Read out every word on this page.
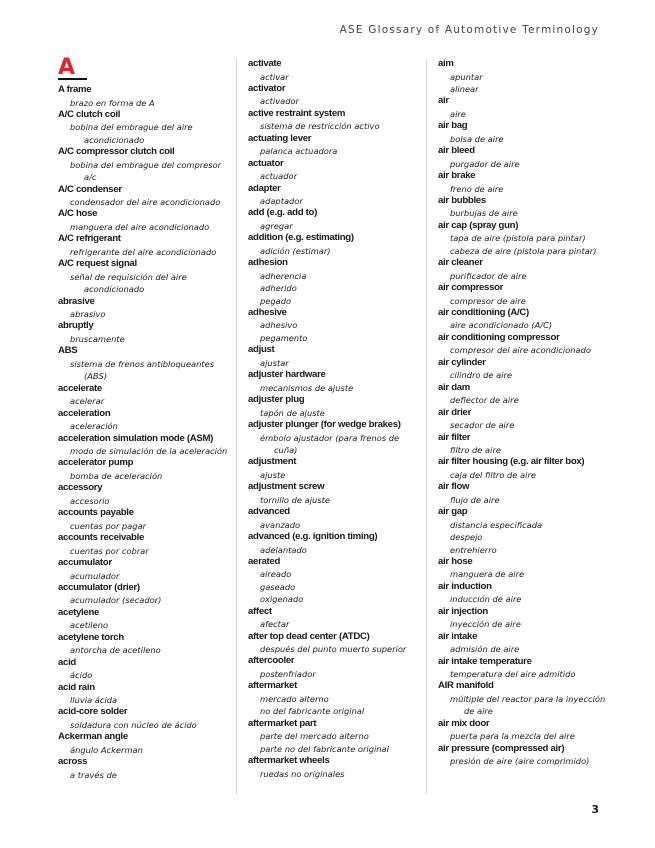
ASE Glossary of Automotive Terminology
A
A frame
brazo en forma de A
A/C clutch coil
bobina del embrague del aire
acondicionado
A/C compressor clutch coil
bobina del embrague del compresor
a/c
A/C condenser
condensador del aire acondicionado
A/C hose
manguera del aire acondicionado
A/C refrigerant
refrigerante del aire acondicionado
A/C request signal
señal de requisición del aire
acondicionado
abrasive
abrasivo
abruptly
bruscamente
ABS
sistema de frenos antibloqueantes
(ABS)
accelerate
acelerar
acceleration
aceleración
acceleration simulation mode (ASM)
modo de simulación de la aceleración
accelerator pump
bomba de aceleración
accessory
accesorio
accounts payable
cuentas por pagar
accounts receivable
cuentas por cobrar
accumulator
acumulador
accumulator (drier)
acumulador (secador)
acetylene
acetileno
acetylene torch
antorcha de acetileno
acid
ácido
acid rain
lluvia ácida
acid-core solder
soldadura con núcleo de ácido
Ackerman angle
ángulo Ackerman
across
a través de
activate
activar
activator
activador
active restraint system
sistema de restricción activo
actuating lever
palanca actuadora
actuator
actuador
adapter
adaptador
add (e.g. add to)
agregar
addition (e.g. estimating)
adición (estimar)
adhesion
adherencia
adherido
pegado
adhesive
adhesivo
pegamento
adjust
ajustar
adjuster hardware
mecanismos de ajuste
adjuster plug
tapón de ajuste
adjuster plunger (for wedge brakes)
émbolo ajustador (para frenos de
cuña)
adjustment
ajuste
adjustment screw
tornillo de ajuste
advanced
avanzado
advanced (e.g. ignition timing)
adelantado
aerated
aireado
gaseado
oxigenado
affect
afectar
after top dead center (ATDC)
después del punto muerto superior
aftercooler
postenfriador
aftermarket
mercado alterno
no del fabricante original
aftermarket part
parte del mercado alterno
parte no del fabricante original
aftermarket wheels
ruedas no originales
aim
apuntar
alinear
air
aire
air bag
bolsa de aire
air bleed
purgador de aire
air brake
freno de aire
air bubbles
burbujas de aire
air cap (spray gun)
tapa de aire (pistola para pintar)
cabeza de aire (pistola para pintar)
air cleaner
purificador de aire
air compressor
compresor de aire
air conditioning (A/C)
aire acondicionado (A/C)
air conditioning compressor
compresor del aire acondicionado
air cylinder
cilindro de aire
air dam
deflector de aire
air drier
secador de aire
air filter
filtro de aire
air filter housing (e.g. air filter box)
caja del filtro de aire
air flow
flujo de aire
air gap
distancia especificada
despejo
entrehierro
air hose
manguera de aire
air induction
inducción de aire
air injection
inyección de aire
air intake
admisión de aire
air intake temperature
temperatura del aire admitido
AIR manifold
múltiple del reactor para la inyección
de aire
air mix door
puerta para la mezcla del aire
air pressure (compressed air)
presión de aire (aire comprimido)
3
